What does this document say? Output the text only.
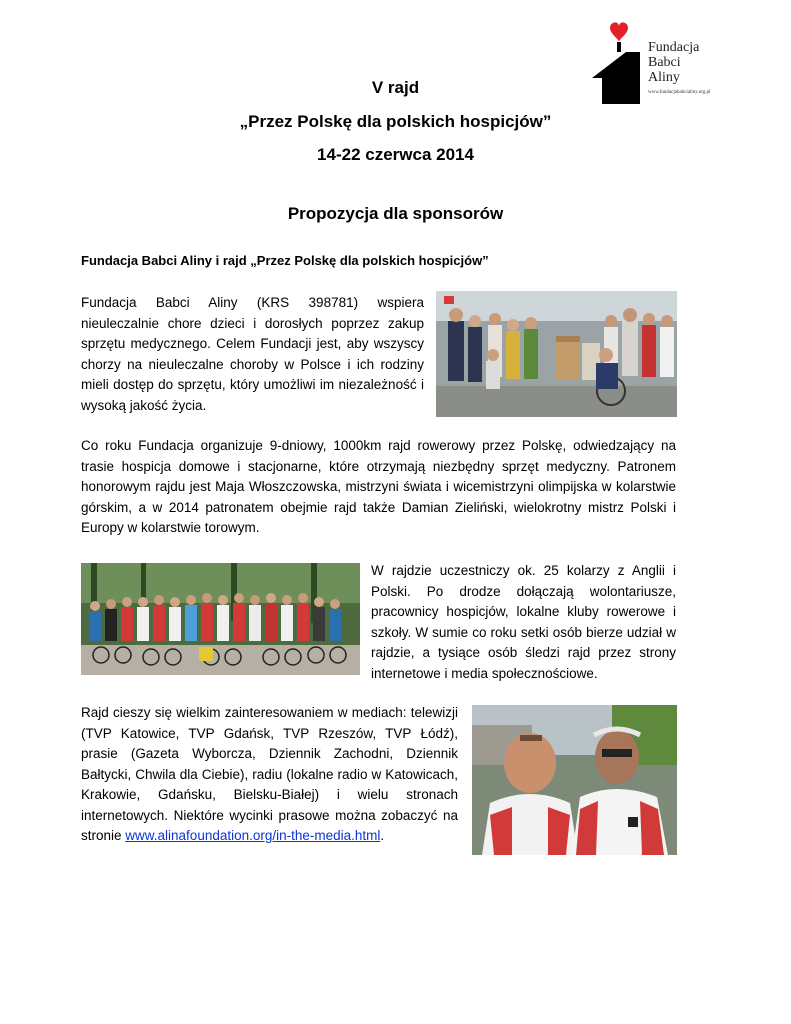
Fundacja
Babci
Aliny
www.fundacjababcialiny.org.pl
V rajd
„Przez Polskę dla polskich hospicjów”
14-22 czerwca 2014
Propozycja dla sponsorów
Fundacja Babci Aliny i rajd „Przez Polskę dla polskich hospicjów”
Fundacja Babci Aliny (KRS 398781) wspiera nieuleczalnie chore dzieci i dorosłych poprzez zakup sprzętu medycznego. Celem Fundacji jest, aby wszyscy chorzy na nieuleczalne choroby w Polsce i ich rodziny mieli dostęp do sprzętu, który umożliwi im niezależność i wysoką jakość życia.
Co roku Fundacja organizuje 9-dniowy, 1000km rajd rowerowy przez Polskę, odwiedzający na trasie hospicja domowe i stacjonarne, które otrzymają niezbędny sprzęt medyczny. Patronem honorowym rajdu jest Maja Włoszczowska, mistrzyni świata i wicemistrzyni olimpijska w kolarstwie górskim, a w 2014 patronatem obejmie rajd także Damian Zieliński, wielokrotny mistrz Polski i Europy w kolarstwie torowym.
W rajdzie uczestniczy ok. 25 kolarzy z Anglii i Polski. Po drodze dołączają wolontariusze, pracownicy hospicjów, lokalne kluby rowerowe i szkoły. W sumie co roku setki osób bierze udział w rajdzie, a tysiące osób śledzi rajd przez strony internetowe i media społecznościowe.
Rajd cieszy się wielkim zainteresowaniem w mediach: telewizji (TVP Katowice, TVP Gdańsk, TVP Rzeszów, TVP Łódź), prasie (Gazeta Wyborcza, Dziennik Zachodni, Dziennik Bałtycki, Chwila dla Ciebie), radiu (lokalne radio w Katowicach, Krakowie, Gdańsku, Bielsku-Białej) i wielu stronach internetowych. Niektóre wycinki prasowe można zobaczyć na stronie www.alinafoundation.org/in-the-media.html.
